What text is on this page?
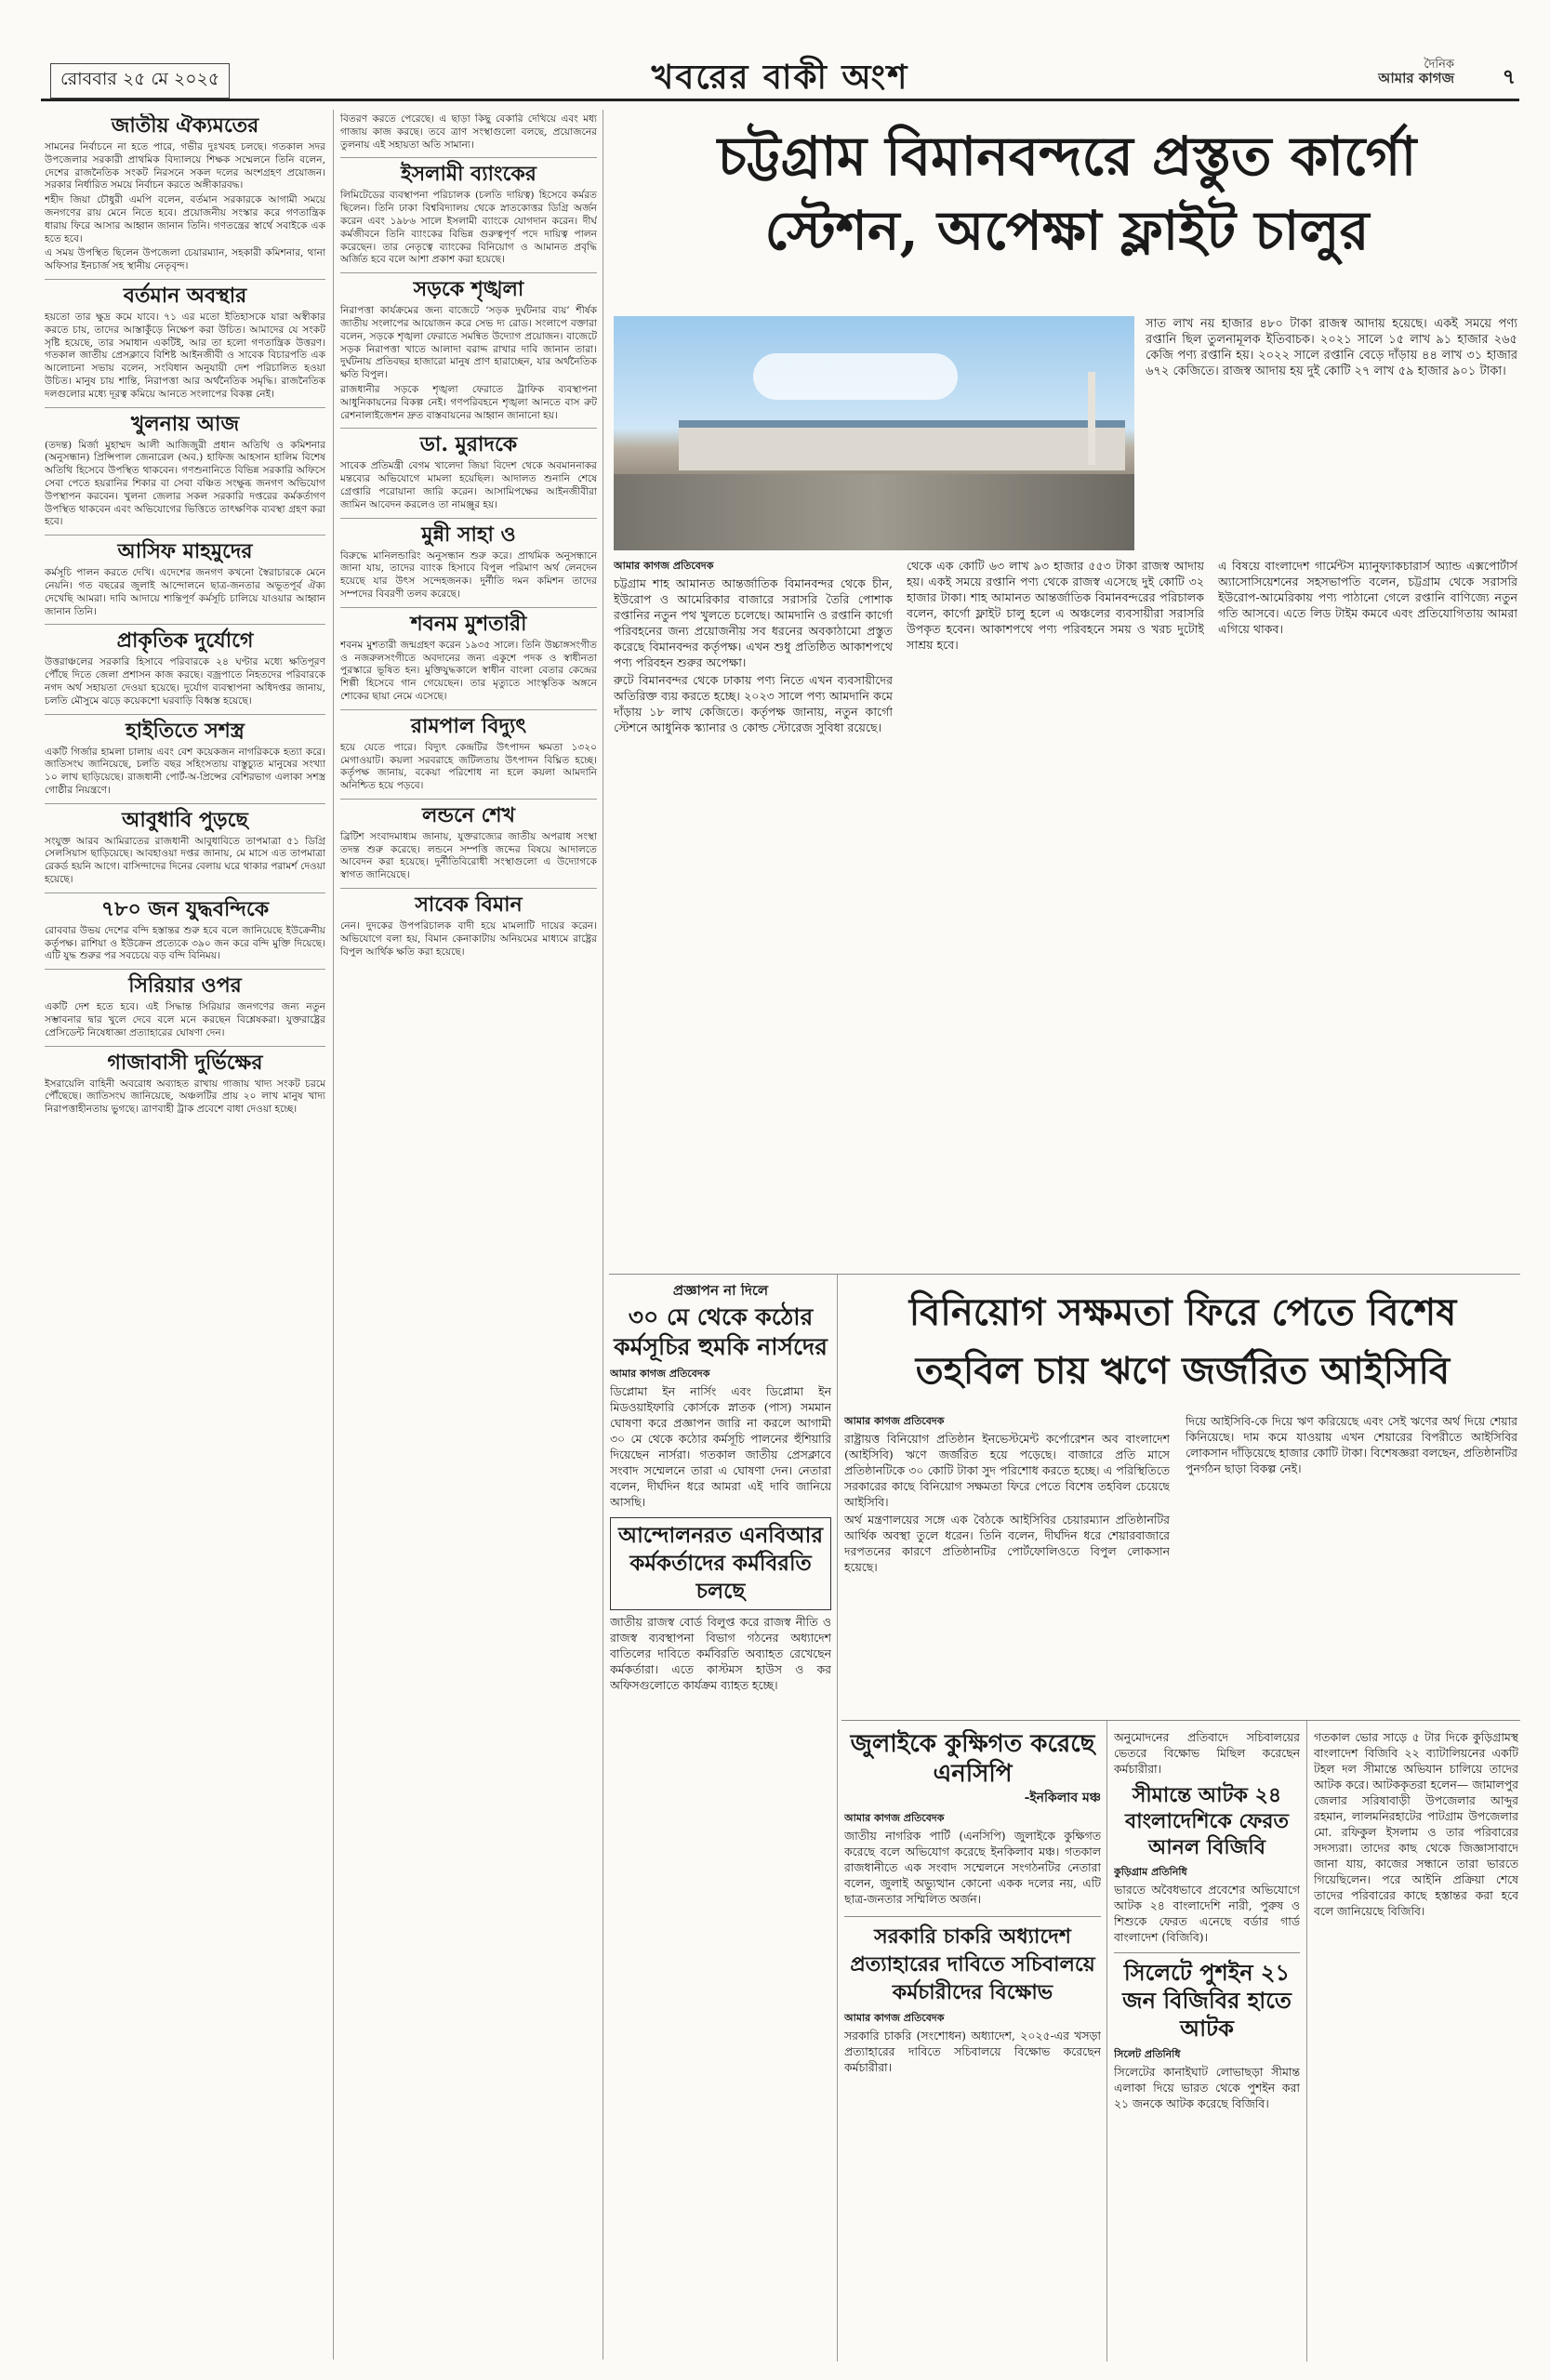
রোববার ২৫ মে ২০২৫	খবরের বাকী অংশ	দৈনিক
আমার কাগজ ৭
জাতীয় ঐক্যমতের

সামনের নির্বাচনে না হতে পারে, গভীর দুঃখবহ চলছে। গতকাল সদর উপজেলার সরকারী প্রাথমিক বিদ্যালয়ে শিক্ষক সম্মেলনে তিনি বলেন, দেশের রাজনৈতিক সংকট নিরসনে সকল দলের অংশগ্রহণ প্রয়োজন। সরকার নির্ধারিত সময়ে নির্বাচন করতে অঙ্গীকারবদ্ধ।

শহীদ জিয়া চৌধুরী এমপি বলেন, বর্তমান সরকারকে আগামী সময়ে জনগণের রায় মেনে নিতে হবে। প্রয়োজনীয় সংস্কার করে গণতান্ত্রিক ধারায় ফিরে আসার আহ্বান জানান তিনি। গণতন্ত্রের স্বার্থে সবাইকে এক হতে হবে।

এ সময় উপস্থিত ছিলেন উপজেলা চেয়ারম্যান, সহকারী কমিশনার, থানা অফিসার ইনচার্জ সহ স্থানীয় নেতৃবৃন্দ।

বর্তমান অবস্থার

হয়তো তার ক্ষুদ্র কমে যাবে। ৭১ এর মতো ইতিহাসকে যারা অস্বীকার করতে চায়, তাদের আস্তাকুঁড়ে নিক্ষেপ করা উচিত। আমাদের যে সংকট সৃষ্টি হয়েছে, তার সমাধান একটিই, আর তা হলো গণতান্ত্রিক উত্তরণ। গতকাল জাতীয় প্রেসক্লাবে বিশিষ্ট আইনজীবী ও সাবেক বিচারপতি এক আলোচনা সভায় বলেন, সংবিধান অনুযায়ী দেশ পরিচালিত হওয়া উচিত। মানুষ চায় শান্তি, নিরাপত্তা আর অর্থনৈতিক সমৃদ্ধি। রাজনৈতিক দলগুলোর মধ্যে দূরত্ব কমিয়ে আনতে সংলাপের বিকল্প নেই।

খুলনায় আজ

(তদন্ত) মির্জা মুহাম্মদ আলী আজিজুরী প্রধান অতিথি ও কমিশনার (অনুসন্ধান) প্রিন্সিপাল জেনারেল (অব.) হাফিজ আহসান হালিম বিশেষ অতিথি হিসেবে উপস্থিত থাকবেন। গণশুনানিতে বিভিন্ন সরকারি অফিসে সেবা পেতে হয়রানির শিকার বা সেবা বঞ্চিত সংক্ষুব্ধ জনগণ অভিযোগ উপস্থাপন করবেন। খুলনা জেলার সকল সরকারি দপ্তরের কর্মকর্তাগণ উপস্থিত থাকবেন এবং অভিযোগের ভিত্তিতে তাৎক্ষণিক ব্যবস্থা গ্রহণ করা হবে।

আসিফ মাহমুদের

কর্মসূচি পালন করতে দেখি। এদেশের জনগণ কখনো স্বৈরাচারকে মেনে নেয়নি। গত বছরের জুলাই আন্দোলনে ছাত্র-জনতার অভূতপূর্ব ঐক্য দেখেছি আমরা। দাবি আদায়ে শান্তিপূর্ণ কর্মসূচি চালিয়ে যাওয়ার আহ্বান জানান তিনি।

প্রাকৃতিক দুর্যোগে

উত্তরাঞ্চলের সরকারি হিসাবে পরিবারকে ২৪ ঘণ্টার মধ্যে ক্ষতিপূরণ পৌঁছে দিতে জেলা প্রশাসন কাজ করছে। বজ্রপাতে নিহতদের পরিবারকে নগদ অর্থ সহায়তা দেওয়া হয়েছে। দুর্যোগ ব্যবস্থাপনা অধিদপ্তর জানায়, চলতি মৌসুমে ঝড়ে কয়েকশো ঘরবাড়ি বিধ্বস্ত হয়েছে।

হাইতিতে সশস্ত্র

একটি গির্জার হামলা চালায় এবং বেশ কয়েকজন নাগরিককে হত্যা করে। জাতিসংঘ জানিয়েছে, চলতি বছর সহিংসতায় বাস্তুচ্যুত মানুষের সংখ্যা ১০ লাখ ছাড়িয়েছে। রাজধানী পোর্ট-অ-প্রিন্সের বেশিরভাগ এলাকা সশস্ত্র গোষ্ঠীর নিয়ন্ত্রণে।

আবুধাবি পুড়ছে

সংযুক্ত আরব আমিরাতের রাজধানী আবুধাবিতে তাপমাত্রা ৫১ ডিগ্রি সেলসিয়াস ছাড়িয়েছে। আবহাওয়া দপ্তর জানায়, মে মাসে এত তাপমাত্রা রেকর্ড হয়নি আগে। বাসিন্দাদের দিনের বেলায় ঘরে থাকার পরামর্শ দেওয়া হয়েছে।

৭৮০ জন যুদ্ধবন্দিকে

রোববার উভয় দেশের বন্দি হস্তান্তর শুরু হবে বলে জানিয়েছে ইউক্রেনীয় কর্তৃপক্ষ। রাশিয়া ও ইউক্রেন প্রত্যেকে ৩৯০ জন করে বন্দি মুক্তি দিয়েছে। এটি যুদ্ধ শুরুর পর সবচেয়ে বড় বন্দি বিনিময়।

সিরিয়ার ওপর

একটি দেশ হতে হবে। এই সিদ্ধান্ত সিরিয়ার জনগণের জন্য নতুন সম্ভাবনার দ্বার খুলে দেবে বলে মনে করছেন বিশ্লেষকরা। যুক্তরাষ্ট্রের প্রেসিডেন্ট নিষেধাজ্ঞা প্রত্যাহারের ঘোষণা দেন।

গাজাবাসী দুর্ভিক্ষের

ইসরায়েলি বাহিনী অবরোধ অব্যাহত রাখায় গাজায় খাদ্য সংকট চরমে পৌঁছেছে। জাতিসংঘ জানিয়েছে, অঞ্চলটির প্রায় ২০ লাখ মানুষ খাদ্য নিরাপত্তাহীনতায় ভুগছে। ত্রাণবাহী ট্রাক প্রবেশে বাধা দেওয়া হচ্ছে।

বিতরণ করতে পেরেছে। এ ছাড়া কিছু বেকারি দেখিয়ে এবং মধ্য গাজায় কাজ করছে। তবে ত্রাণ সংস্থাগুলো বলছে, প্রয়োজনের তুলনায় এই সহায়তা অতি সামান্য।

ইসলামী ব্যাংকের

লিমিটেডের ব্যবস্থাপনা পরিচালক (চলতি দায়িত্ব) হিসেবে কর্মরত ছিলেন। তিনি ঢাকা বিশ্ববিদ্যালয় থেকে স্নাতকোত্তর ডিগ্রি অর্জন করেন এবং ১৯৮৬ সালে ইসলামী ব্যাংকে যোগদান করেন। দীর্ঘ কর্মজীবনে তিনি ব্যাংকের বিভিন্ন গুরুত্বপূর্ণ পদে দায়িত্ব পালন করেছেন। তার নেতৃত্বে ব্যাংকের বিনিয়োগ ও আমানত প্রবৃদ্ধি অর্জিত হবে বলে আশা প্রকাশ করা হয়েছে।

সড়কে শৃঙ্খলা

নিরাপত্তা কার্যক্রমের জন্য বাজেটে ‘সড়ক দুর্ঘটনার ব্যয়’ শীর্ষক জাতীয় সংলাপের আয়োজন করে সেভ দ্য রোড। সংলাপে বক্তারা বলেন, সড়কে শৃঙ্খলা ফেরাতে সমন্বিত উদ্যোগ প্রয়োজন। বাজেটে সড়ক নিরাপত্তা খাতে আলাদা বরাদ্দ রাখার দাবি জানান তারা। দুর্ঘটনায় প্রতিবছর হাজারো মানুষ প্রাণ হারাচ্ছেন, যার অর্থনৈতিক ক্ষতি বিপুল।

রাজধানীর সড়কে শৃঙ্খলা ফেরাতে ট্রাফিক ব্যবস্থাপনা আধুনিকায়নের বিকল্প নেই। গণপরিবহনে শৃঙ্খলা আনতে বাস রুট রেশনালাইজেশন দ্রুত বাস্তবায়নের আহ্বান জানানো হয়।

ডা. মুরাদকে

সাবেক প্রতিমন্ত্রী বেগম খালেদা জিয়া বিদেশ থেকে অবমাননাকর মন্তব্যের অভিযোগে মামলা হয়েছিল। আদালত শুনানি শেষে গ্রেপ্তারি পরোয়ানা জারি করেন। আসামিপক্ষের আইনজীবীরা জামিন আবেদন করলেও তা নামঞ্জুর হয়।

মুন্নী সাহা ও

বিরুদ্ধে মানিলন্ডারিং অনুসন্ধান শুরু করে। প্রাথমিক অনুসন্ধানে জানা যায়, তাদের ব্যাংক হিসাবে বিপুল পরিমাণ অর্থ লেনদেন হয়েছে যার উৎস সন্দেহজনক। দুর্নীতি দমন কমিশন তাদের সম্পদের বিবরণী তলব করেছে।

শবনম মুশতারী

শবনম মুশতারী জন্মগ্রহণ করেন ১৯৩৫ সালে। তিনি উচ্চাঙ্গসংগীত ও নজরুলসংগীতে অবদানের জন্য একুশে পদক ও স্বাধীনতা পুরস্কারে ভূষিত হন। মুক্তিযুদ্ধকালে স্বাধীন বাংলা বেতার কেন্দ্রের শিল্পী হিসেবে গান গেয়েছেন। তার মৃত্যুতে সাংস্কৃতিক অঙ্গনে শোকের ছায়া নেমে এসেছে।

রামপাল বিদ্যুৎ

হয়ে যেতে পারে। বিদ্যুৎ কেন্দ্রটির উৎপাদন ক্ষমতা ১৩২০ মেগাওয়াট। কয়লা সরবরাহে জটিলতায় উৎপাদন বিঘ্নিত হচ্ছে। কর্তৃপক্ষ জানায়, বকেয়া পরিশোধ না হলে কয়লা আমদানি অনিশ্চিত হয়ে পড়বে।

লন্ডনে শেখ

ব্রিটিশ সংবাদমাধ্যম জানায়, যুক্তরাজ্যের জাতীয় অপরাধ সংস্থা তদন্ত শুরু করেছে। লন্ডনে সম্পত্তি জব্দের বিষয়ে আদালতে আবেদন করা হয়েছে। দুর্নীতিবিরোধী সংস্থাগুলো এ উদ্যোগকে স্বাগত জানিয়েছে।

সাবেক বিমান

নেন। দুদকের উপপরিচালক বাদী হয়ে মামলাটি দায়ের করেন। অভিযোগে বলা হয়, বিমান কেনাকাটায় অনিয়মের মাধ্যমে রাষ্ট্রের বিপুল আর্থিক ক্ষতি করা হয়েছে।

চট্টগ্রাম বিমানবন্দরে প্রস্তুত কার্গো
স্টেশন, অপেক্ষা ফ্লাইট চালুর

সাত লাখ নয় হাজার ৪৮০ টাকা রাজস্ব আদায় হয়েছে। একই সময়ে পণ্য রপ্তানি ছিল তুলনামূলক ইতিবাচক। ২০২১ সালে ১৫ লাখ ৯১ হাজার ২৬৫ কেজি পণ্য রপ্তানি হয়। ২০২২ সালে রপ্তানি বেড়ে দাঁড়ায় ৪৪ লাখ ৩১ হাজার ৬৭২ কেজিতে। রাজস্ব আদায় হয় দুই কোটি ২৭ লাখ ৫৯ হাজার ৯০১ টাকা।

আমার কাগজ প্রতিবেদক

চট্টগ্রাম শাহ আমানত আন্তর্জাতিক বিমানবন্দর থেকে চীন, ইউরোপ ও আমেরিকার বাজারে সরাসরি তৈরি পোশাক রপ্তানির নতুন পথ খুলতে চলেছে। আমদানি ও রপ্তানি কার্গো পরিবহনের জন্য প্রয়োজনীয় সব ধরনের অবকাঠামো প্রস্তুত করেছে বিমানবন্দর কর্তৃপক্ষ। এখন শুধু প্রতিষ্ঠিত আকাশপথে পণ্য পরিবহন শুরুর অপেক্ষা।

রুটে বিমানবন্দর থেকে ঢাকায় পণ্য নিতে এখন ব্যবসায়ীদের অতিরিক্ত ব্যয় করতে হচ্ছে। ২০২৩ সালে পণ্য আমদানি কমে দাঁড়ায় ১৮ লাখ কেজিতে। কর্তৃপক্ষ জানায়, নতুন কার্গো স্টেশনে আধুনিক স্ক্যানার ও কোল্ড স্টোরেজ সুবিধা রয়েছে।

থেকে এক কোটি ৬৩ লাখ ৯৩ হাজার ৫৫৩ টাকা রাজস্ব আদায় হয়। একই সময়ে রপ্তানি পণ্য থেকে রাজস্ব এসেছে দুই কোটি ৩২ হাজার টাকা। শাহ আমানত আন্তর্জাতিক বিমানবন্দরের পরিচালক বলেন, কার্গো ফ্লাইট চালু হলে এ অঞ্চলের ব্যবসায়ীরা সরাসরি উপকৃত হবেন। আকাশপথে পণ্য পরিবহনে সময় ও খরচ দুটোই সাশ্রয় হবে।

এ বিষয়ে বাংলাদেশ গার্মেন্টস ম্যানুফ্যাকচারার্স অ্যান্ড এক্সপোর্টার্স অ্যাসোসিয়েশনের সহসভাপতি বলেন, চট্টগ্রাম থেকে সরাসরি ইউরোপ-আমেরিকায় পণ্য পাঠানো গেলে রপ্তানি বাণিজ্যে নতুন গতি আসবে। এতে লিড টাইম কমবে এবং প্রতিযোগিতায় আমরা এগিয়ে থাকব।

প্রজ্ঞাপন না দিলে
৩০ মে থেকে কঠোর কর্মসূচির হুমকি নার্সদের

আমার কাগজ প্রতিবেদক

ডিপ্লোমা ইন নার্সিং এবং ডিপ্লোমা ইন মিডওয়াইফারি কোর্সকে স্নাতক (পাস) সমমান ঘোষণা করে প্রজ্ঞাপন জারি না করলে আগামী ৩০ মে থেকে কঠোর কর্মসূচি পালনের হুঁশিয়ারি দিয়েছেন নার্সরা। গতকাল জাতীয় প্রেসক্লাবে সংবাদ সম্মেলনে তারা এ ঘোষণা দেন। নেতারা বলেন, দীর্ঘদিন ধরে আমরা এই দাবি জানিয়ে আসছি।

আন্দোলনরত এনবিআর কর্মকর্তাদের কর্মবিরতি চলছে

জাতীয় রাজস্ব বোর্ড বিলুপ্ত করে রাজস্ব নীতি ও রাজস্ব ব্যবস্থাপনা বিভাগ গঠনের অধ্যাদেশ বাতিলের দাবিতে কর্মবিরতি অব্যাহত রেখেছেন কর্মকর্তারা। এতে কাস্টমস হাউস ও কর অফিসগুলোতে কার্যক্রম ব্যাহত হচ্ছে।

বিনিয়োগ সক্ষমতা ফিরে পেতে বিশেষ
তহবিল চায় ঋণে জর্জরিত আইসিবি

আমার কাগজ প্রতিবেদক

রাষ্ট্রায়ত্ত বিনিয়োগ প্রতিষ্ঠান ইনভেস্টমেন্ট কর্পোরেশন অব বাংলাদেশ (আইসিবি) ঋণে জর্জরিত হয়ে পড়েছে। বাজারে প্রতি মাসে প্রতিষ্ঠানটিকে ৩০ কোটি টাকা সুদ পরিশোধ করতে হচ্ছে। এ পরিস্থিতিতে সরকারের কাছে বিনিয়োগ সক্ষমতা ফিরে পেতে বিশেষ তহবিল চেয়েছে আইসিবি।

অর্থ মন্ত্রণালয়ের সঙ্গে এক বৈঠকে আইসিবির চেয়ারম্যান প্রতিষ্ঠানটির আর্থিক অবস্থা তুলে ধরেন। তিনি বলেন, দীর্ঘদিন ধরে শেয়ারবাজারে দরপতনের কারণে প্রতিষ্ঠানটির পোর্টফোলিওতে বিপুল লোকসান হয়েছে।

দিয়ে আইসিবি-কে দিয়ে ঋণ করিয়েছে এবং সেই ঋণের অর্থ দিয়ে শেয়ার কিনিয়েছে। দাম কমে যাওয়ায় এখন শেয়ারের বিপরীতে আইসিবির লোকসান দাঁড়িয়েছে হাজার কোটি টাকা। বিশেষজ্ঞরা বলছেন, প্রতিষ্ঠানটির পুনর্গঠন ছাড়া বিকল্প নেই।

জুলাইকে কুক্ষিগত করেছে এনসিপি
-ইনকিলাব মঞ্চ

আমার কাগজ প্রতিবেদক

জাতীয় নাগরিক পার্টি (এনসিপি) জুলাইকে কুক্ষিগত করেছে বলে অভিযোগ করেছে ইনকিলাব মঞ্চ। গতকাল রাজধানীতে এক সংবাদ সম্মেলনে সংগঠনটির নেতারা বলেন, জুলাই অভ্যুত্থান কোনো একক দলের নয়, এটি ছাত্র-জনতার সম্মিলিত অর্জন।

সরকারি চাকরি অধ্যাদেশ প্রত্যাহারের দাবিতে সচিবালয়ে কর্মচারীদের বিক্ষোভ

আমার কাগজ প্রতিবেদক

সরকারি চাকরি (সংশোধন) অধ্যাদেশ, ২০২৫-এর খসড়া প্রত্যাহারের দাবিতে সচিবালয়ে বিক্ষোভ করেছেন কর্মচারীরা।

অনুমোদনের প্রতিবাদে সচিবালয়ের ভেতরে বিক্ষোভ মিছিল করেছেন কর্মচারীরা।

সীমান্তে আটক ২৪ বাংলাদেশিকে ফেরত আনল বিজিবি

কুড়িগ্রাম প্রতিনিধি

ভারতে অবৈধভাবে প্রবেশের অভিযোগে আটক ২৪ বাংলাদেশি নারী, পুরুষ ও শিশুকে ফেরত এনেছে বর্ডার গার্ড বাংলাদেশ (বিজিবি)।

সিলেটে পুশইন ২১ জন বিজিবির হাতে আটক

সিলেট প্রতিনিধি

সিলেটের কানাইঘাট লোভাছড়া সীমান্ত এলাকা দিয়ে ভারত থেকে পুশইন করা ২১ জনকে আটক করেছে বিজিবি।

গতকাল ভোর সাড়ে ৫ টার দিকে কুড়িগ্রামস্থ বাংলাদেশ বিজিবি ২২ ব্যাটালিয়নের একটি টহল দল সীমান্তে অভিযান চালিয়ে তাদের আটক করে। আটককৃতরা হলেন— জামালপুর জেলার সরিষাবাড়ী উপজেলার আব্দুর রহমান, লালমনিরহাটের পাটগ্রাম উপজেলার মো. রফিকুল ইসলাম ও তার পরিবারের সদস্যরা। তাদের কাছ থেকে জিজ্ঞাসাবাদে জানা যায়, কাজের সন্ধানে তারা ভারতে গিয়েছিলেন। পরে আইনি প্রক্রিয়া শেষে তাদের পরিবারের কাছে হস্তান্তর করা হবে বলে জানিয়েছে বিজিবি।
